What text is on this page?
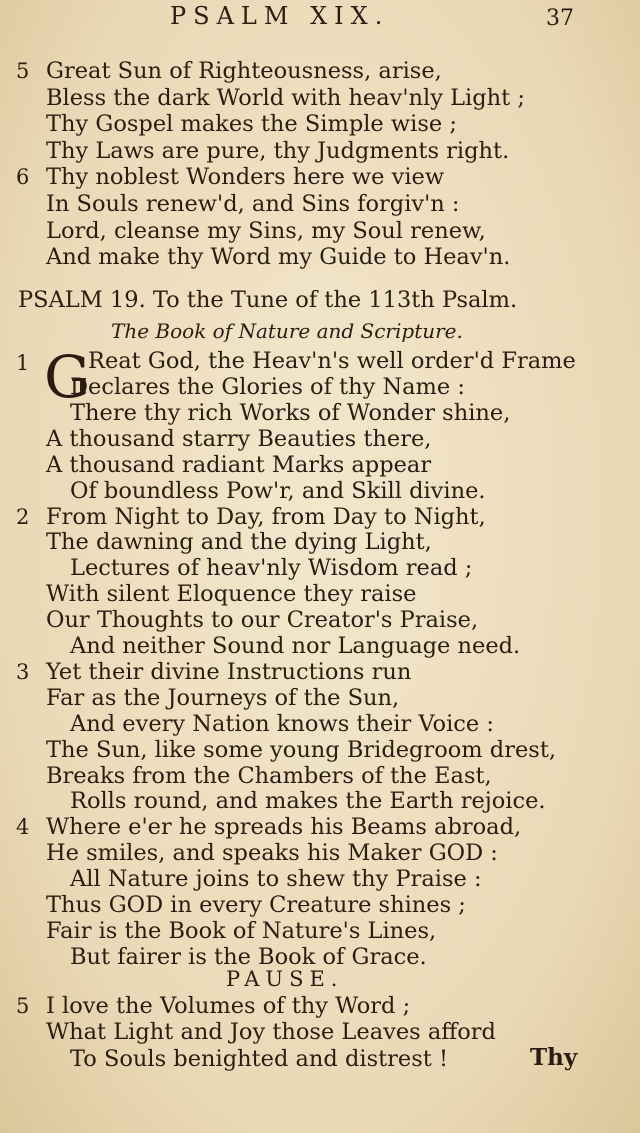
PSALM XIX.	37
5 Great Sun of Righteousness, arise,
Bless the dark World with heav'nly Light ;
Thy Gospel makes the Simple wise ;
Thy Laws are pure, thy Judgments right.
6 Thy noblest Wonders here we view
In Souls renew'd, and Sins forgiv'n :
Lord, cleanse my Sins, my Soul renew,
And make thy Word my Guide to Heav'n.
PSALM 19. To the Tune of the 113th Psalm.
The Book of Nature and Scripture.
1 G
Reat God, the Heav'n's well order'd Frame
Declares the Glories of thy Name :
There thy rich Works of Wonder shine,
A thousand starry Beauties there,
A thousand radiant Marks appear
Of boundless Pow'r, and Skill divine.
2 From Night to Day, from Day to Night,
The dawning and the dying Light,
Lectures of heav'nly Wisdom read ;
With silent Eloquence they raise
Our Thoughts to our Creator's Praise,
And neither Sound nor Language need.
3 Yet their divine Instructions run
Far as the Journeys of the Sun,
And every Nation knows their Voice :
The Sun, like some young Bridegroom drest,
Breaks from the Chambers of the East,
Rolls round, and makes the Earth rejoice.
4 Where e'er he spreads his Beams abroad,
He smiles, and speaks his Maker GOD :
All Nature joins to shew thy Praise :
Thus GOD in every Creature shines ;
Fair is the Book of Nature's Lines,
But fairer is the Book of Grace.
PAUSE.
5 I love the Volumes of thy Word ;
What Light and Joy those Leaves afford
To Souls benighted and distrest !	Thy
